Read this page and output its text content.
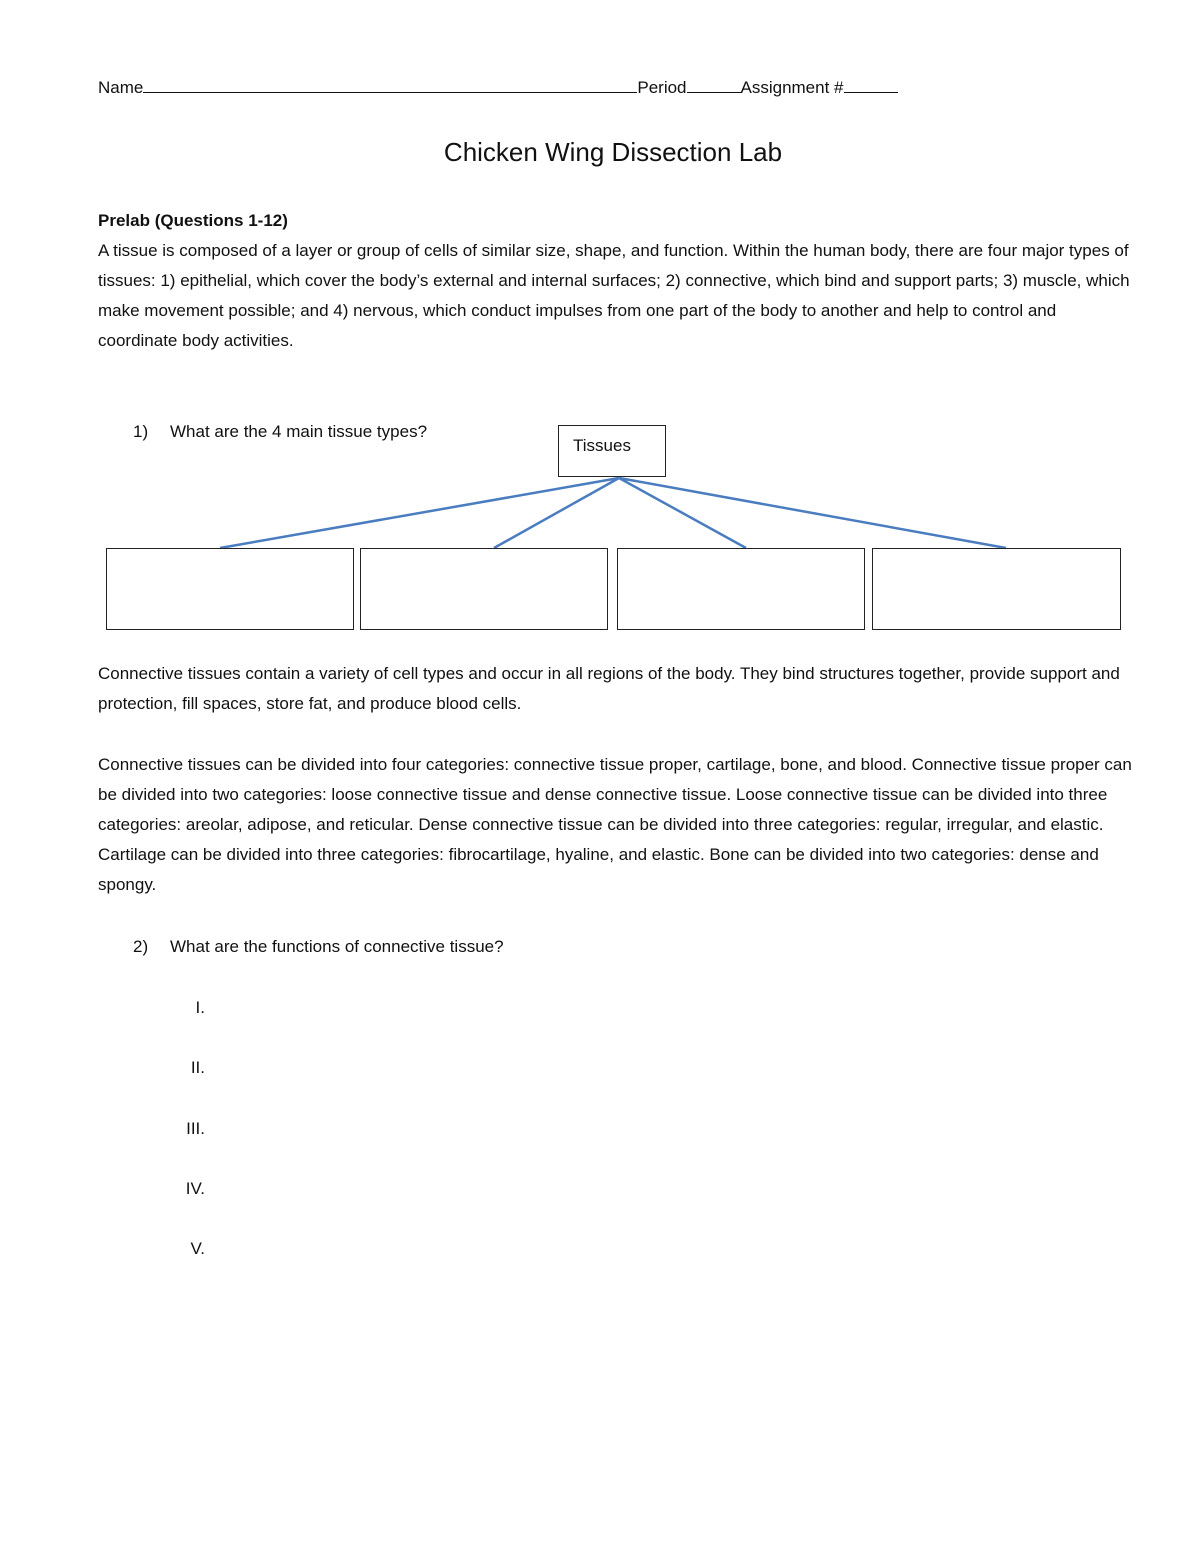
Name	Period	Assignment #
Chicken Wing Dissection Lab
Prelab (Questions 1-12)
A tissue is composed of a layer or group of cells of similar size, shape, and function. Within the human body, there are four major types of tissues: 1) epithelial, which cover the body’s external and internal surfaces; 2) connective, which bind and support parts; 3) muscle, which make movement possible; and 4) nervous, which conduct impulses from one part of the body to another and help to control and coordinate body activities.
1) What are the 4 main tissue types?
Tissues
Connective tissues contain a variety of cell types and occur in all regions of the body. They bind structures together, provide support and protection, fill spaces, store fat, and produce blood cells.
Connective tissues can be divided into four categories: connective tissue proper, cartilage, bone, and blood. Connective tissue proper can be divided into two categories: loose connective tissue and dense connective tissue. Loose connective tissue can be divided into three categories: areolar, adipose, and reticular. Dense connective tissue can be divided into three categories: regular, irregular, and elastic. Cartilage can be divided into three categories: fibrocartilage, hyaline, and elastic. Bone can be divided into two categories: dense and spongy.
2) What are the functions of connective tissue?
I.
II.
III.
IV.
V.
